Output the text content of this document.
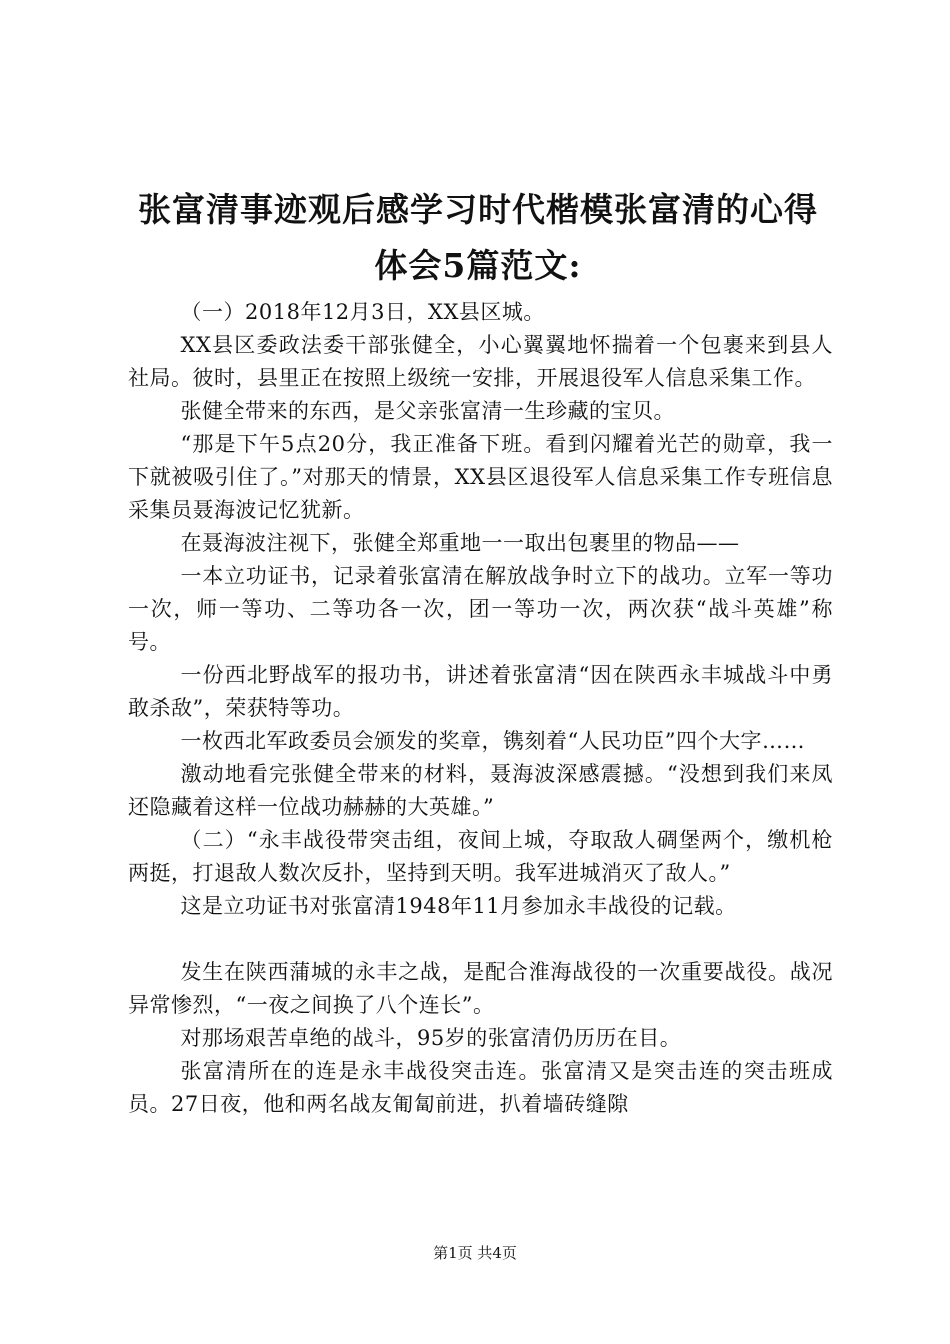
张富清事迹观后感学习时代楷模张富清的心得
体会5篇范文:

（一）2018年12月3日，XX县区城。

XX县区委政法委干部张健全，小心翼翼地怀揣着一个包裹来到县人社局。彼时，县里正在按照上级统一安排，开展退役军人信息采集工作。

张健全带来的东西，是父亲张富清一生珍藏的宝贝。

“那是下午5点20分，我正准备下班。看到闪耀着光芒的勋章，我一下就被吸引住了。”对那天的情景，XX县区退役军人信息采集工作专班信息采集员聂海波记忆犹新。

在聂海波注视下，张健全郑重地一一取出包裹里的物品——

一本立功证书，记录着张富清在解放战争时立下的战功。立军一等功一次，师一等功、二等功各一次，团一等功一次，两次获“战斗英雄”称号。

一份西北野战军的报功书，讲述着张富清“因在陕西永丰城战斗中勇敢杀敌”，荣获特等功。

一枚西北军政委员会颁发的奖章，镌刻着“人民功臣”四个大字……

激动地看完张健全带来的材料，聂海波深感震撼。“没想到我们来凤还隐藏着这样一位战功赫赫的大英雄。”

（二）“永丰战役带突击组，夜间上城，夺取敌人碉堡两个，缴机枪两挺，打退敌人数次反扑，坚持到天明。我军进城消灭了敌人。”

这是立功证书对张富清1948年11月参加永丰战役的记载。

发生在陕西蒲城的永丰之战，是配合淮海战役的一次重要战役。战况异常惨烈，“一夜之间换了八个连长”。

对那场艰苦卓绝的战斗，95岁的张富清仍历历在目。

张富清所在的连是永丰战役突击连。张富清又是突击连的突击班成员。27日夜，他和两名战友匍匐前进，扒着墙砖缝隙

第1页 共4页
